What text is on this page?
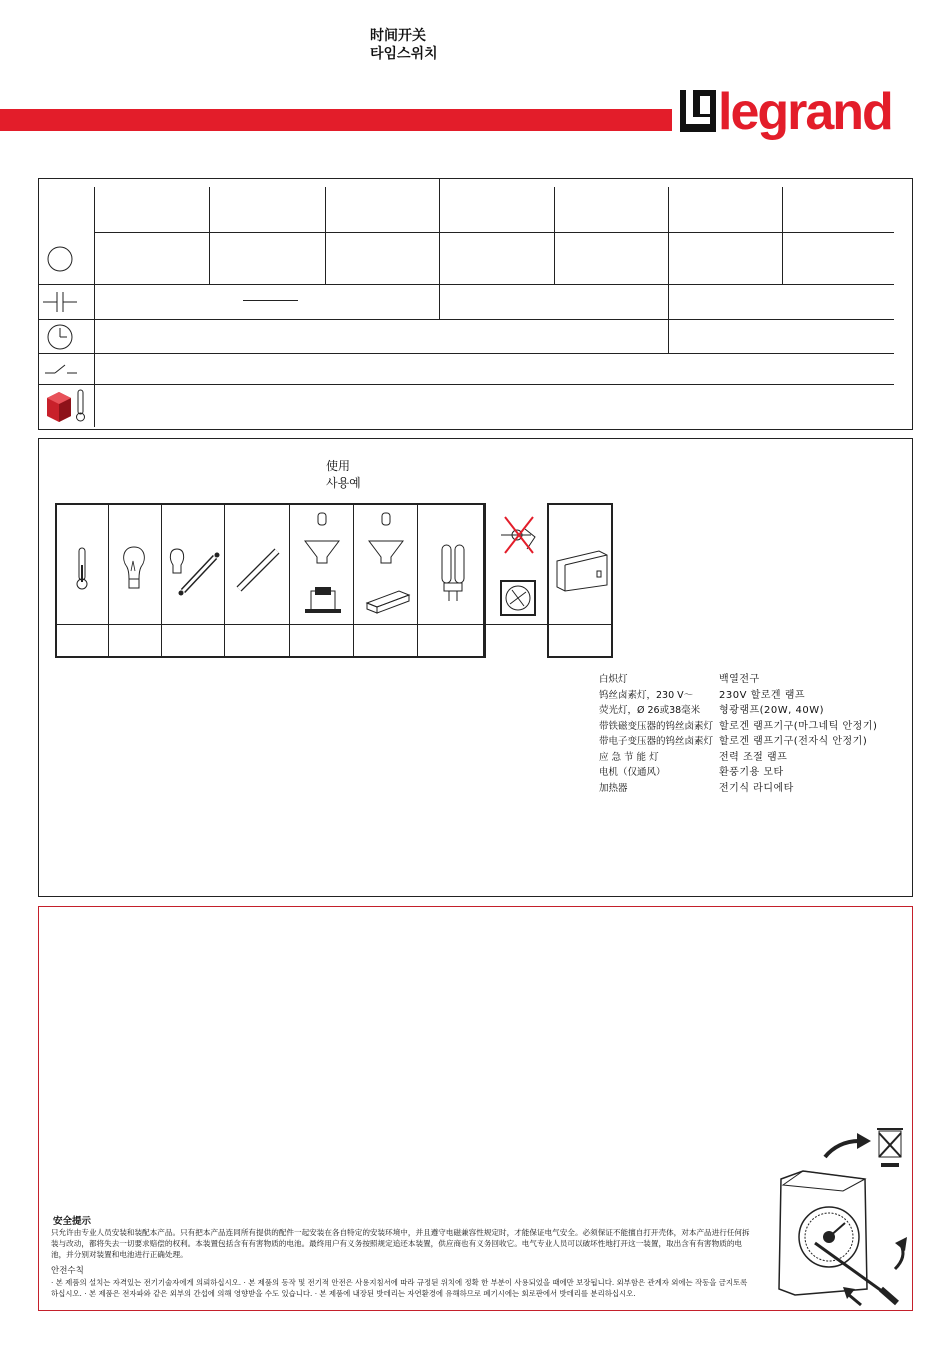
时间开关
타임스위치
legrand
使用
사용예
白炽灯
钨丝卤素灯，230 V〜
荧光灯，Ø 26或38毫米
带铁磁变压器的钨丝卤素灯
带电子变压器的钨丝卤素灯
应 急 节 能 灯
电机（仅通风）
加热器
백열전구
230V 할로겐 램프
형광램프(20W, 40W)
할로겐 램프기구(마그네틱 안정기)
할로겐 램프기구(전자식 안정기)
전력 조절 램프
환풍기용 모타
전기식 라디에타
安全提示
只允许由专业人员安装和装配本产品。只有把本产品连同所有提供的配件一起安装在各自特定的安装环境中，并且遵守电磁兼容性规定时，才能保证电气安全。必须保证不能擅自打开壳体，对本产品进行任何拆装与改动，都将失去一切要求赔偿的权利。本装置包括含有有害物质的电池。最终用户有义务按照规定追还本装置，供应商也有义务回收它。电气专业人员可以破坏性地打开这一装置，取出含有有害物质的电池，并分别对装置和电池进行正确处理。
안전수칙
· 본 제품의 설치는 자격있는 전기기술자에게 의뢰하십시오. · 본 제품의 동작 및 전기적 안전은 사용지침서에 따라 규정된 위치에 정확 한 부분이 사용되었을 때에만 보장됩니다. 외부함은 관계자 외에는 작동을 금지토록 하십시오. · 본 제품은 전자파와 같은 외부의 간섭에 의해 영향받을 수도 있습니다. · 본 제품에 내장된 밧데리는 자연환경에 유해하므로 폐기시에는 회로판에서 밧데리를 분리하십시오.
